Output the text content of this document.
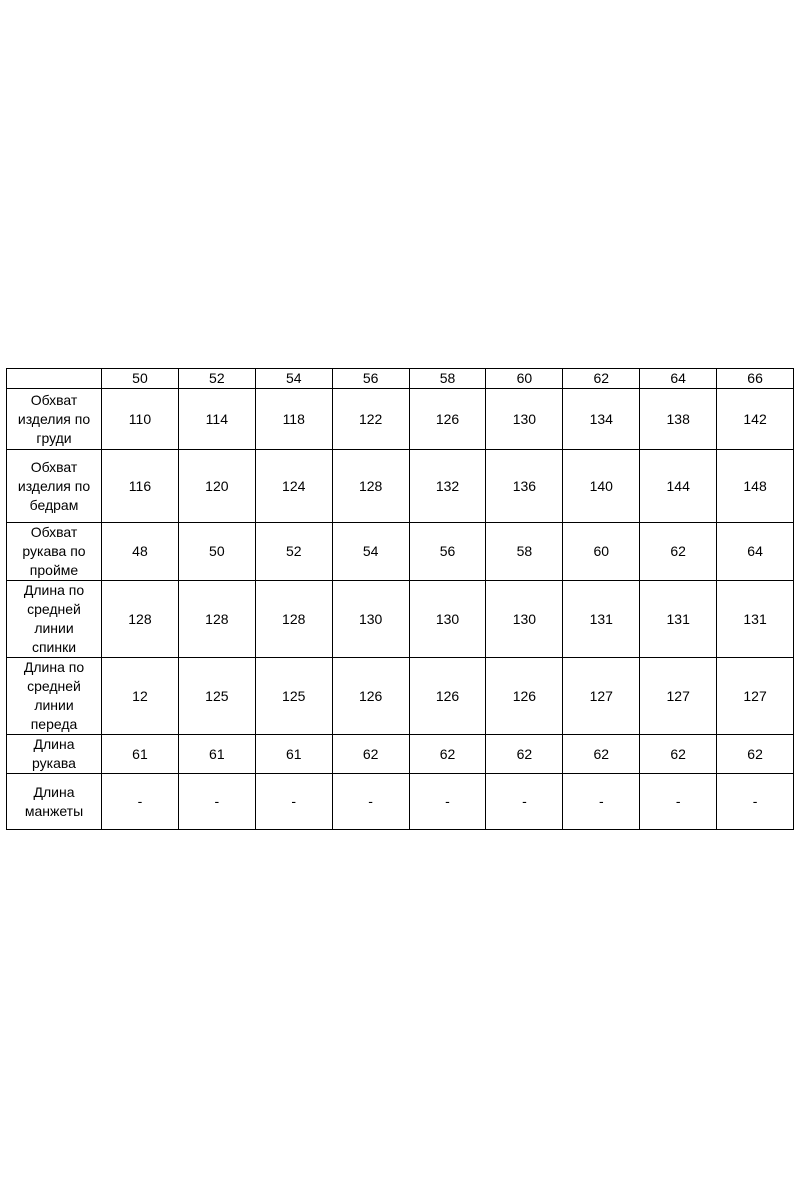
	50	52	54	56	58	60	62	64	66

Обхват
изделия по
груди	110	114	118	122	126	130	134	138	142

Обхват
изделия по
бедрам	116	120	124	128	132	136	140	144	148

Обхват
рукава по
пройме	48	50	52	54	56	58	60	62	64

Длина по
средней
линии
спинки	128	128	128	130	130	130	131	131	131

Длина по
средней
линии
переда	12	125	125	126	126	126	127	127	127

Длина
рукава	61	61	61	62	62	62	62	62	62

Длина
манжеты	-	-	-	-	-	-	-	-	-
